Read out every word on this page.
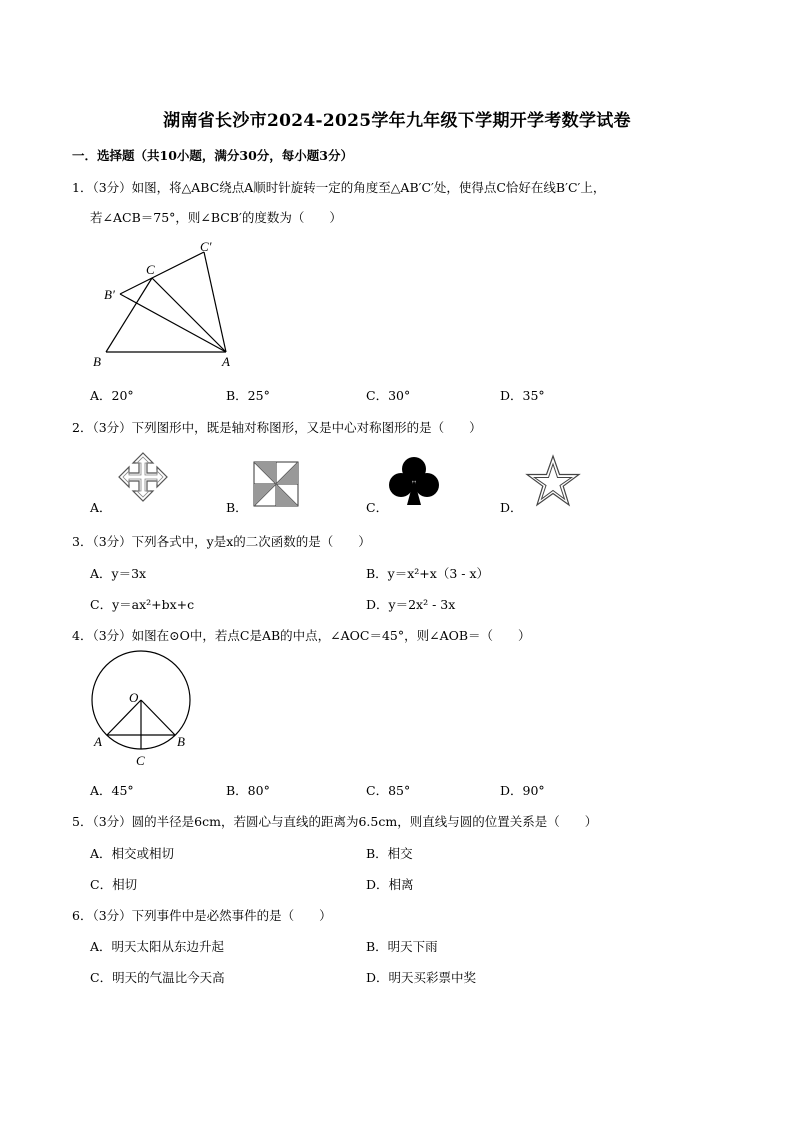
湖南省长沙市2024-2025学年九年级下学期开学考数学试卷
一．选择题（共10小题，满分30分，每小题3分）
1．（3分）如图，将△ABC绕点A顺时针旋转一定的角度至△AB′C′处，使得点C恰好在线B′C′上，
若∠ACB＝75°，则∠BCB′的度数为（　　）
C′
C
B′
B	A
A．20°	B．25°	C．30°	D．35°
2．（3分）下列图形中，既是轴对称图形，又是中心对称图形的是（　　）
A．	B．	C．	D．
3．（3分）下列各式中，y是x的二次函数的是（　　）
A．y＝3x	B．y＝x²+x（3 - x）
C．y＝ax²+bx+c	D．y＝2x² - 3x
4．（3分）如图在⊙O中，若点C是AB的中点，∠AOC＝45°，则∠AOB＝（　　）
O
A	B
C
A．45°	B．80°	C．85°	D．90°
5．（3分）圆的半径是6cm，若圆心与直线的距离为6.5cm，则直线与圆的位置关系是（　　）
A．相交或相切	B．相交
C．相切	D．相离
6．（3分）下列事件中是必然事件的是（　　）
A．明天太阳从东边升起	B．明天下雨
C．明天的气温比今天高	D．明天买彩票中奖
